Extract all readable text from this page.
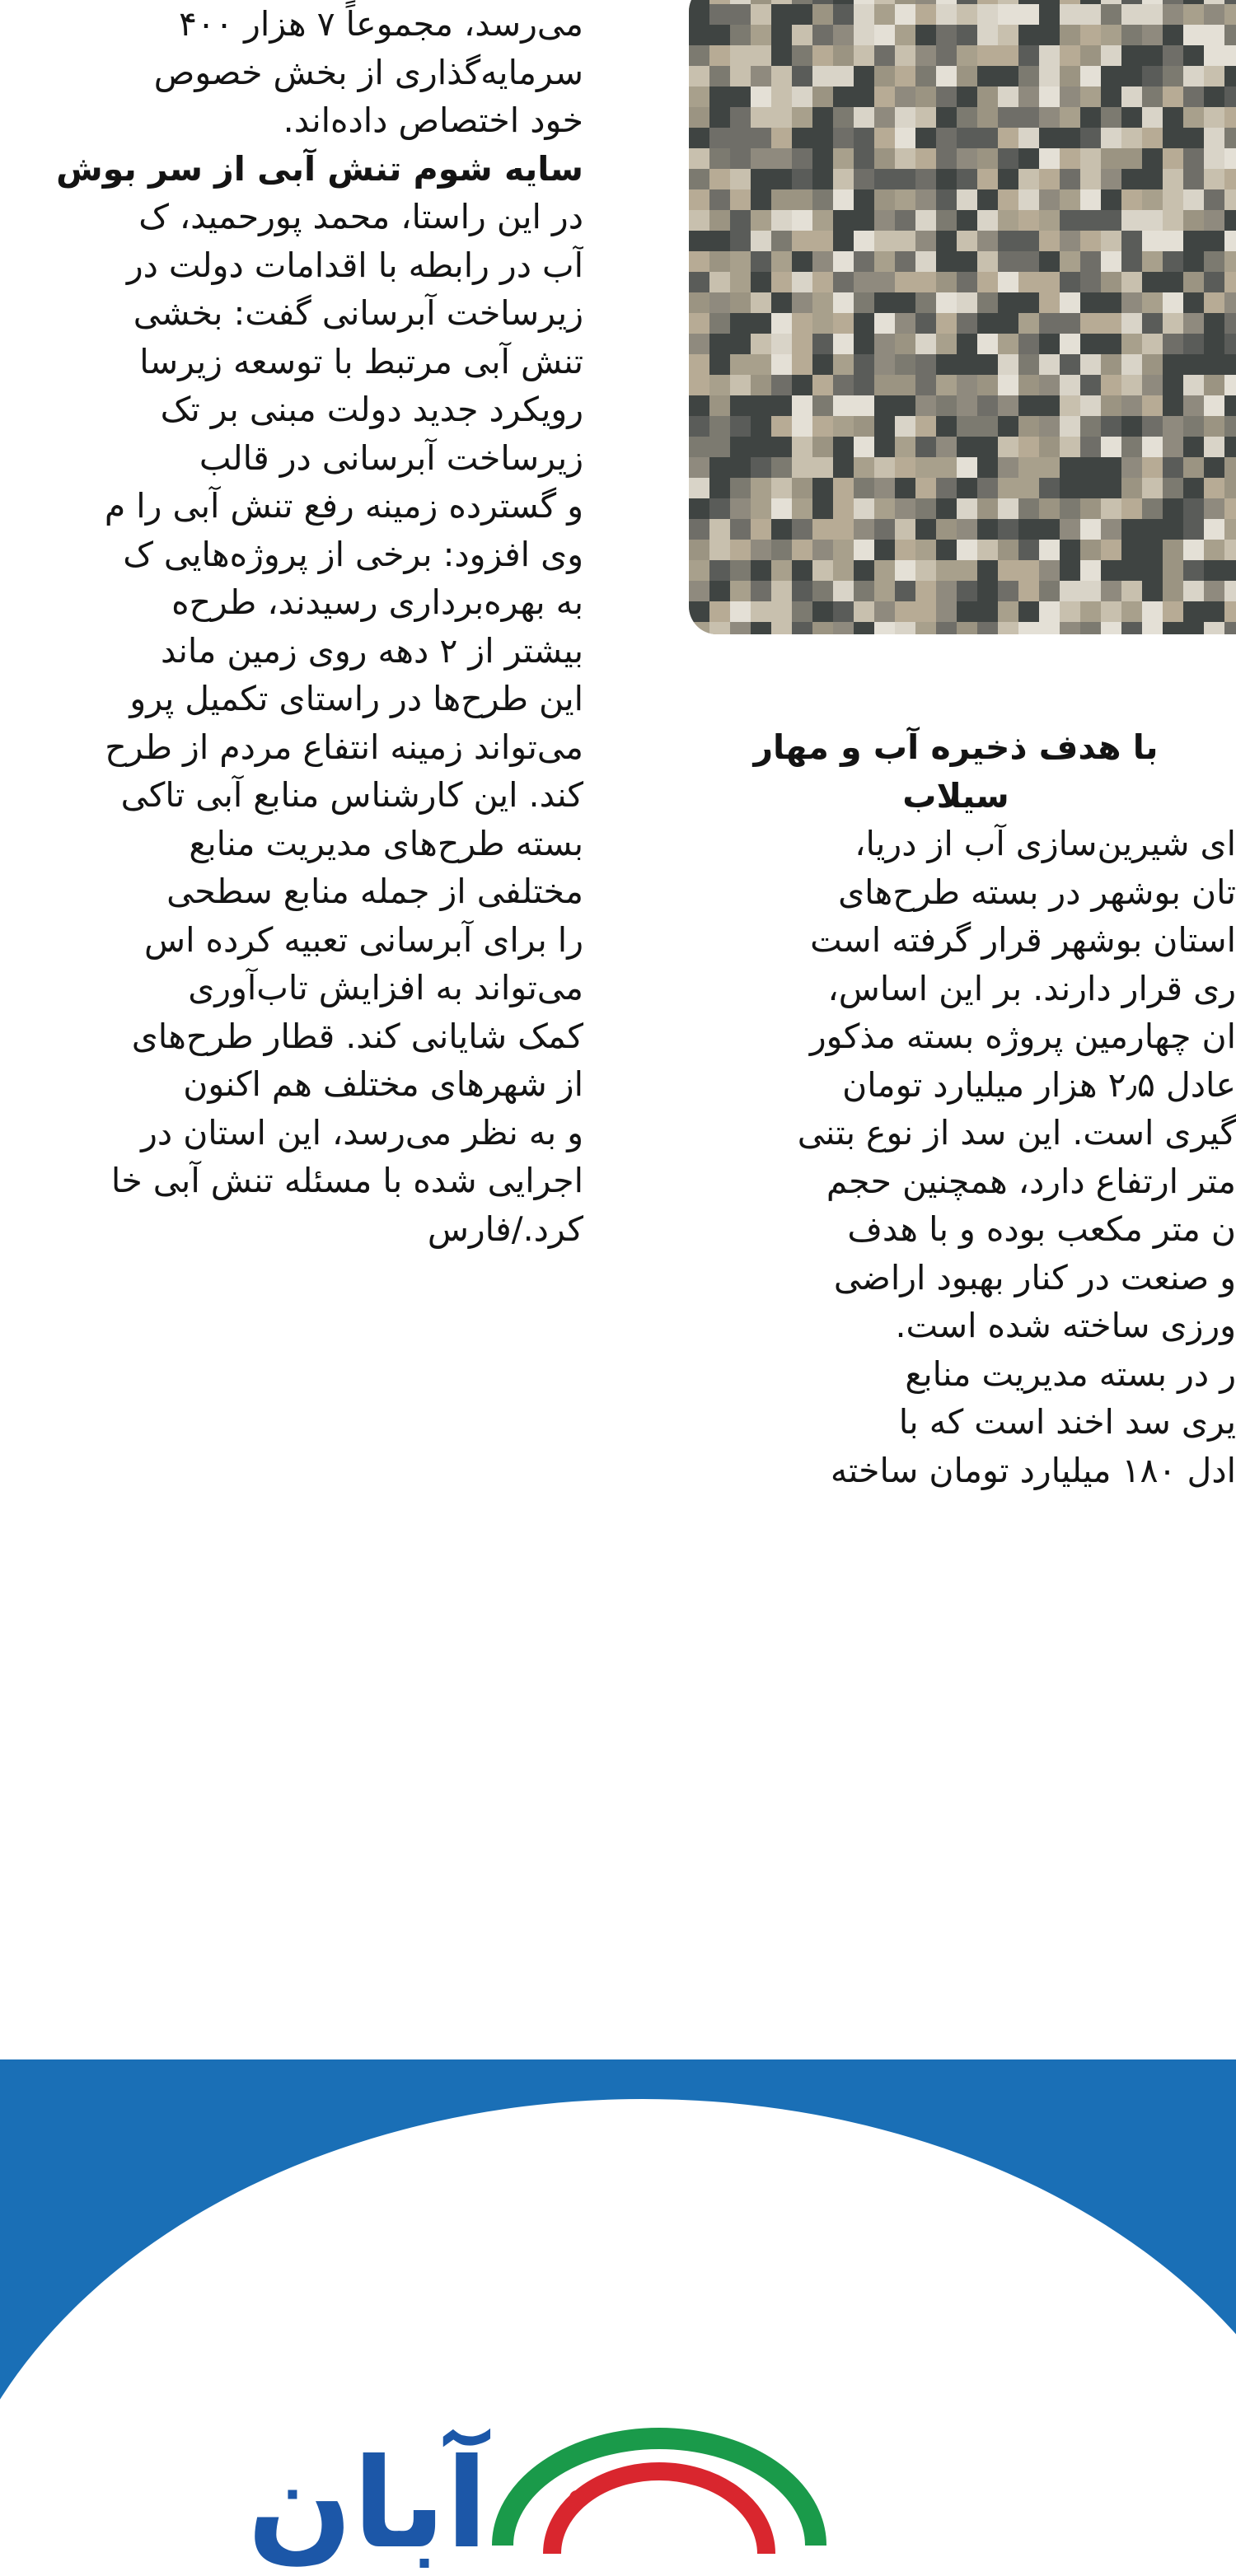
می‌رسد، مجموعاً ۷ هزار ۴۰۰
سرمایه‌گذاری از بخش خصوص
خود اختصاص داده‌اند.
سایه شوم تنش آبی از سر بوش
در این راستا، محمد پورحمید، ک
آب در رابطه با اقدامات دولت در
زیرساخت آبرسانی گفت: بخشی
تنش آبی مرتبط با توسعه زیرسا
رویکرد جدید دولت مبنی بر تک
زیرساخت آبرسانی در قالب
و گسترده زمینه رفع تنش آبی را م
وی افزود: برخی از پروژه‌هایی ک
به بهره‌برداری رسیدند، طرح‌ه
بیشتر از ۲ دهه روی زمین ماند
این طرح‌ها در راستای تکمیل پرو
می‌تواند زمینه انتفاع مردم از طرح
کند. این کارشناس منابع آبی تاکی
بسته طرح‌های مدیریت منابع
مختلفی از جمله منابع سطحی
را برای آبرسانی تعبیه کرده اس
می‌تواند به افزایش تاب‌آوری
کمک شایانی کند. قطار طرح‌های
از شهرهای مختلف هم اکنون
و به نظر می‌رسد، این استان در
اجرایی شده با مسئله تنش آبی خا
کرد./فارس
با هدف ذخیره آب و مهار
سیلاب
ای شیرین‌سازی آب از دریا،
تان بوشهر در بسته طرح‌های
استان بوشهر قرار گرفته است
ری قرار دارند. بر این اساس،
ان چهارمین پروژه بسته مذکور
عادل ۲٫۵ هزار میلیارد تومان
گیری است. این سد از نوع بتنی
متر ارتفاع دارد، همچنین حجم
ن متر مکعب بوده و با هدف
و صنعت در کنار بهبود اراضی
ورزی ساخته شده است.
ر در بسته مدیریت منابع
یری سد اخند است که با
ادل ۱۸۰ میلیارد تومان ساخته
آبان
